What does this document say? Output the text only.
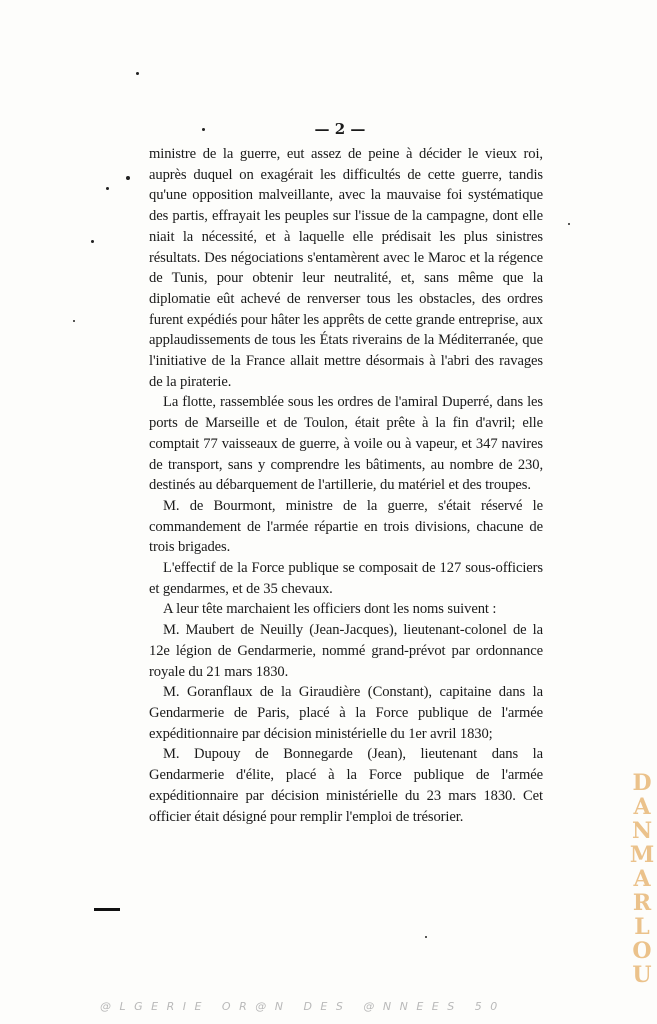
— 2 —

ministre de la guerre, eut assez de peine à décider le vieux roi, auprès duquel on exagérait les difficultés de cette guerre, tandis qu'une opposition malveillante, avec la mauvaise foi systématique des partis, effrayait les peuples sur l'issue de la campagne, dont elle niait la nécessité, et à laquelle elle prédisait les plus sinistres résultats. Des négociations s'entamèrent avec le Maroc et la régence de Tunis, pour obtenir leur neutralité, et, sans même que la diplomatie eût achevé de renverser tous les obstacles, des ordres furent expédiés pour hâter les apprêts de cette grande entreprise, aux applaudissements de tous les États riverains de la Méditerranée, que l'initiative de la France allait mettre désormais à l'abri des ravages de la piraterie.

La flotte, rassemblée sous les ordres de l'amiral Duperré, dans les ports de Marseille et de Toulon, était prête à la fin d'avril; elle comptait 77 vaisseaux de guerre, à voile ou à vapeur, et 347 navires de transport, sans y comprendre les bâtiments, au nombre de 230, destinés au débarquement de l'artillerie, du matériel et des troupes.

M. de Bourmont, ministre de la guerre, s'était réservé le commandement de l'armée répartie en trois divisions, chacune de trois brigades.

L'effectif de la Force publique se composait de 127 sous-officiers et gendarmes, et de 35 chevaux.

A leur tête marchaient les officiers dont les noms suivent :

M. Maubert de Neuilly (Jean-Jacques), lieutenant-colonel de la 12e légion de Gendarmerie, nommé grand-prévot par ordonnance royale du 21 mars 1830.

M. Goranflaux de la Giraudière (Constant), capitaine dans la Gendarmerie de Paris, placé à la Force publique de l'armée expéditionnaire par décision ministérielle du 1er avril 1830;

M. Dupouy de Bonnegarde (Jean), lieutenant dans la Gendarmerie d'élite, placé à la Force publique de l'armée expéditionnaire par décision ministérielle du 23 mars 1830. Cet officier était désigné pour remplir l'emploi de trésorier.	DANMARLOU
@LGERIE OR@N DES @NNEES 50
